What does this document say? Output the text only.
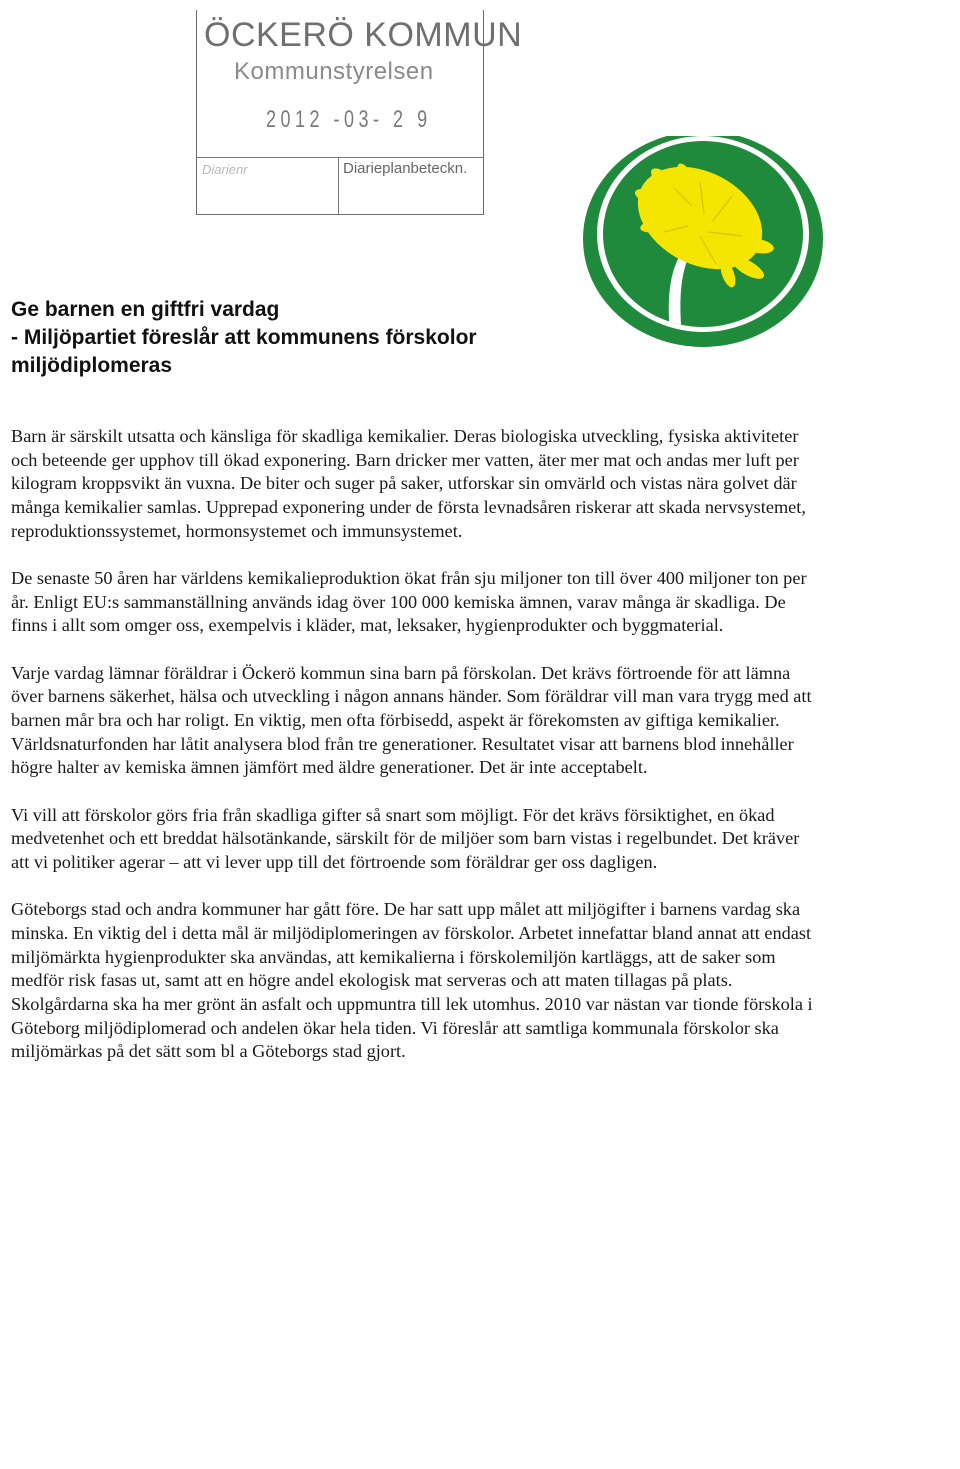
ÖCKERÖ KOMMUN
Kommunstyrelsen
2012 -03- 2 9
Diarienr	Diarieplanbeteckn.
Ge barnen en giftfri vardag
- Miljöpartiet föreslår att kommunens förskolor
miljödiplomeras

Barn är särskilt utsatta och känsliga för skadliga kemikalier. Deras biologiska utveckling, fysiska aktiviteter och beteende ger upphov till ökad exponering. Barn dricker mer vatten, äter mer mat och andas mer luft per kilogram kroppsvikt än vuxna. De biter och suger på saker, utforskar sin omvärld och vistas nära golvet där många kemikalier samlas. Upprepad exponering under de första levnadsåren riskerar att skada nervsystemet, reproduktionssystemet, hormonsystemet och immunsystemet.

De senaste 50 åren har världens kemikalieproduktion ökat från sju miljoner ton till över 400 miljoner ton per år. Enligt EU:s sammanställning används idag över 100 000 kemiska ämnen, varav många är skadliga. De finns i allt som omger oss, exempelvis i kläder, mat, leksaker, hygienprodukter och byggmaterial.

Varje vardag lämnar föräldrar i Öckerö kommun sina barn på förskolan. Det krävs förtroende för att lämna över barnens säkerhet, hälsa och utveckling i någon annans händer. Som föräldrar vill man vara trygg med att barnen mår bra och har roligt. En viktig, men ofta förbisedd, aspekt är förekomsten av giftiga kemikalier. Världsnaturfonden har låtit analysera blod från tre generationer. Resultatet visar att barnens blod innehåller högre halter av kemiska ämnen jämfört med äldre generationer. Det är inte acceptabelt.

Vi vill att förskolor görs fria från skadliga gifter så snart som möjligt. För det krävs försiktighet, en ökad medvetenhet och ett breddat hälsotänkande, särskilt för de miljöer som barn vistas i regelbundet. Det kräver att vi politiker agerar – att vi lever upp till det förtroende som föräldrar ger oss dagligen.

Göteborgs stad och andra kommuner har gått före. De har satt upp målet att miljögifter i barnens vardag ska minska. En viktig del i detta mål är miljödiplomeringen av förskolor. Arbetet innefattar bland annat att endast miljömärkta hygienprodukter ska användas, att kemikalierna i förskolemiljön kartläggs, att de saker som medför risk fasas ut, samt att en högre andel ekologisk mat serveras och att maten tillagas på plats. Skolgårdarna ska ha mer grönt än asfalt och uppmuntra till lek utomhus. 2010 var nästan var tionde förskola i Göteborg miljödiplomerad och andelen ökar hela tiden. Vi föreslår att samtliga kommunala förskolor ska miljömärkas på det sätt som bl a Göteborgs stad gjort.
